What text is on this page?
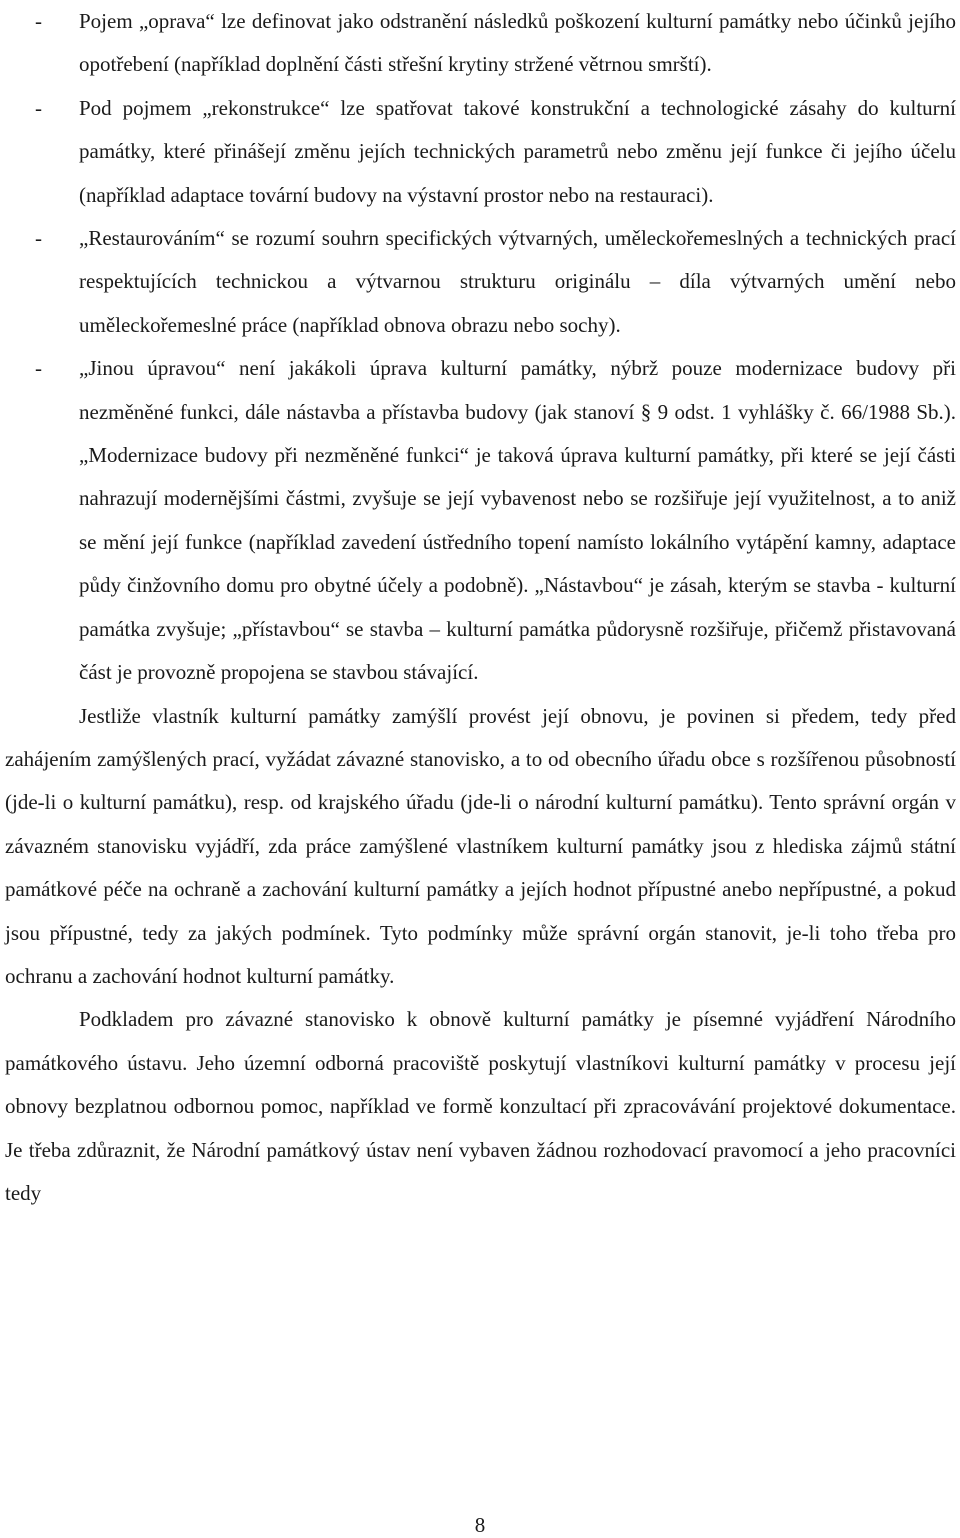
- Pojem „oprava“ lze definovat jako odstranění následků poškození kulturní památky nebo účinků jejího opotřebení (například doplnění části střešní krytiny stržené větrnou smrští).
- Pod pojmem „rekonstrukce“ lze spatřovat takové konstrukční a technologické zásahy do kulturní památky, které přinášejí změnu jejích technických parametrů nebo změnu její funkce či jejího účelu (například adaptace tovární budovy na výstavní prostor nebo na restauraci).
- „Restaurováním“ se rozumí souhrn specifických výtvarných, uměleckořemeslných a technických prací respektujících technickou a výtvarnou strukturu originálu – díla výtvarných umění nebo uměleckořemeslné práce (například obnova obrazu nebo sochy).
- „Jinou úpravou“ není jakákoli úprava kulturní památky, nýbrž pouze modernizace budovy při nezměněné funkci, dále nástavba a přístavba budovy (jak stanoví § 9 odst. 1 vyhlášky č. 66/1988 Sb.). „Modernizace budovy při nezměněné funkci“ je taková úprava kulturní památky, při které se její části nahrazují modernějšími částmi, zvyšuje se její vybavenost nebo se rozšiřuje její využitelnost, a to aniž se mění její funkce (například zavedení ústředního topení namísto lokálního vytápění kamny, adaptace půdy činžovního domu pro obytné účely a podobně). „Nástavbou“ je zásah, kterým se stavba - kulturní památka zvyšuje; „přístavbou“ se stavba – kulturní památka půdorysně rozšiřuje, přičemž přistavovaná část je provozně propojena se stavbou stávající.

Jestliže vlastník kulturní památky zamýšlí provést její obnovu, je povinen si předem, tedy před zahájením zamýšlených prací, vyžádat závazné stanovisko, a to od obecního úřadu obce s rozšířenou působností (jde-li o kulturní památku), resp. od krajského úřadu (jde-li o národní kulturní památku). Tento správní orgán v závazném stanovisku vyjádří, zda práce zamýšlené vlastníkem kulturní památky jsou z hlediska zájmů státní památkové péče na ochraně a zachování kulturní památky a jejích hodnot přípustné anebo nepřípustné, a pokud jsou přípustné, tedy za jakých podmínek. Tyto podmínky může správní orgán stanovit, je-li toho třeba pro ochranu a zachování hodnot kulturní památky.

Podkladem pro závazné stanovisko k obnově kulturní památky je písemné vyjádření Národního památkového ústavu. Jeho územní odborná pracoviště poskytují vlastníkovi kulturní památky v procesu její obnovy bezplatnou odbornou pomoc, například ve formě konzultací při zpracovávání projektové dokumentace. Je třeba zdůraznit, že Národní památkový ústav není vybaven žádnou rozhodovací pravomocí a jeho pracovníci tedy

8
